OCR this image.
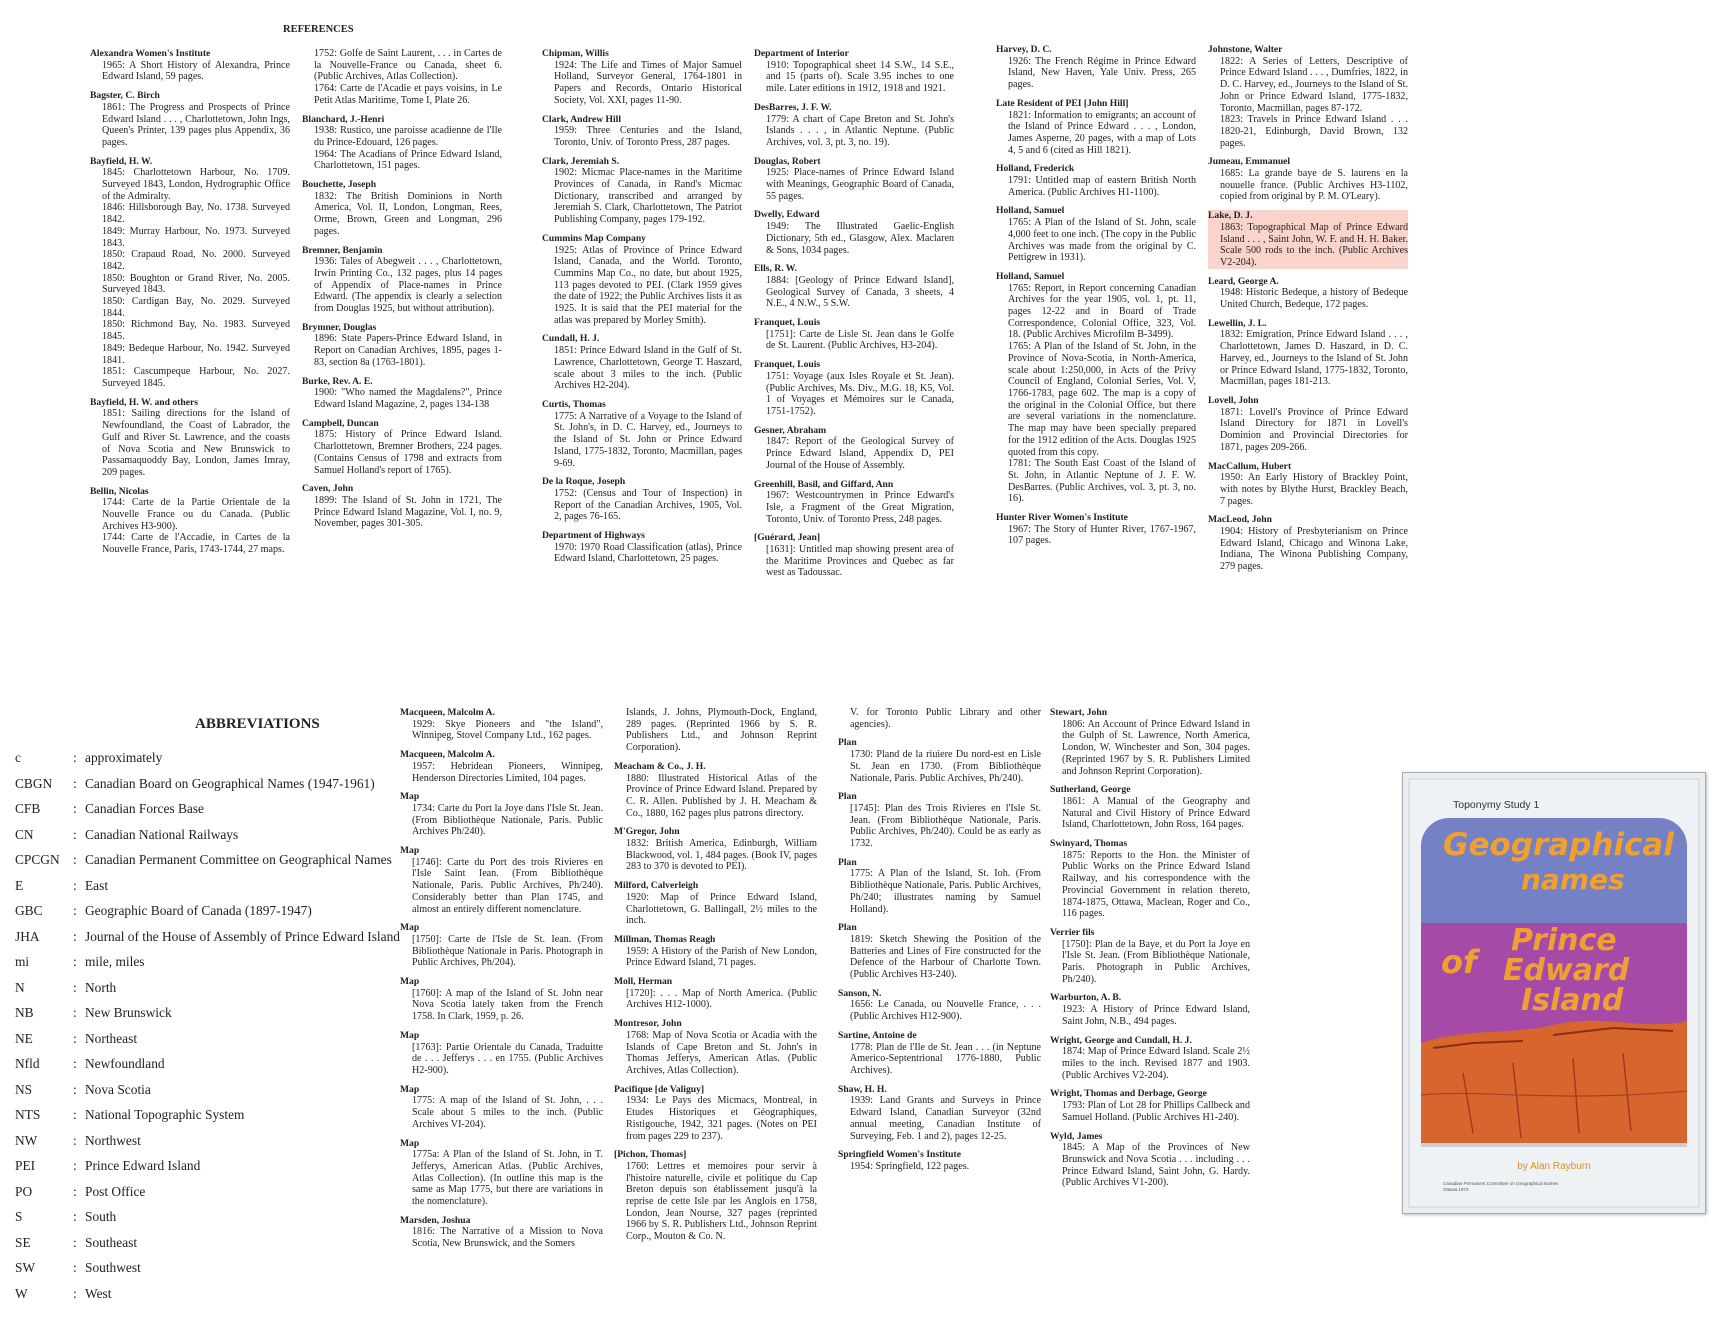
REFERENCES
Alexandra Women's Institute
1965: A Short History of Alexandra, Prince Edward Island, 59 pages.
Bagster, C. Birch
1861: The Progress and Prospects of Prince Edward Island . . . , Charlottetown, John Ings, Queen's Printer, 139 pages plus Appendix, 36 pages.
Bayfield, H. W.
1845: Charlottetown Harbour, No. 1709. Surveyed 1843, London, Hydrographic Office of the Admiralty.
1846: Hillsborough Bay, No. 1738. Surveyed 1842.
1849: Murray Harbour, No. 1973. Surveyed 1843.
1850: Crapaud Road, No. 2000. Surveyed 1842.
1850: Boughton or Grand River, No. 2005. Surveyed 1843.
1850: Cardigan Bay, No. 2029. Surveyed 1844.
1850: Richmond Bay, No. 1983. Surveyed 1845.
1849: Bedeque Harbour, No. 1942. Surveyed 1841.
1851: Cascumpeque Harbour, No. 2027. Surveyed 1845.
Bayfield, H. W. and others
1851: Sailing directions for the Island of Newfoundland, the Coast of Labrador, the Gulf and River St. Lawrence, and the coasts of Nova Scotia and New Brunswick to Passamaquoddy Bay, London, James Imray, 209 pages.
Bellin, Nicolas
1744: Carte de la Partie Orientale de la Nouvelle France ou du Canada. (Public Archives H3-900).
1744: Carte de l'Accadie, in Cartes de la Nouvelle France, Paris, 1743-1744, 27 maps.
1752: Golfe de Saint Laurent, . . . in Cartes de la Nouvelle-France ou Canada, sheet 6. (Public Archives, Atlas Collection).
1764: Carte de l'Acadie et pays voisins, in Le Petit Atlas Maritime, Tome I, Plate 26.
Blanchard, J.-Henri
1938: Rustico, une paroisse acadienne de l'Ile du Prince-Edouard, 126 pages.
1964: The Acadians of Prince Edward Island, Charlottetown, 151 pages.
Bouchette, Joseph
1832: The British Dominions in North America, Vol. II, London, Longman, Rees, Orme, Brown, Green and Longman, 296 pages.
Bremner, Benjamin
1936: Tales of Abegweit . . . , Charlottetown, Irwin Printing Co., 132 pages, plus 14 pages of Appendix of Place-names in Prince Edward. (The appendix is clearly a selection from Douglas 1925, but without attribution).
Brymner, Douglas
1896: State Papers-Prince Edward Island, in Report on Canadian Archives, 1895, pages 1-83, section 8a (1763-1801).
Burke, Rev. A. E.
1900: "Who named the Magdalens?", Prince Edward Island Magazine, 2, pages 134-138
Campbell, Duncan
1875: History of Prince Edward Island. Charlottetown, Bremner Brothers, 224 pages. (Contains Census of 1798 and extracts from Samuel Holland's report of 1765).
Caven, John
1899: The Island of St. John in 1721, The Prince Edward Island Magazine, Vol. I, no. 9, November, pages 301-305.
Chipman, Willis
1924: The Life and Times of Major Samuel Holland, Surveyor General, 1764-1801 in Papers and Records, Ontario Historical Society, Vol. XXI, pages 11-90.
Clark, Andrew Hill
1959: Three Centuries and the Island, Toronto, Univ. of Toronto Press, 287 pages.
Clark, Jeremiah S.
1902: Micmac Place-names in the Maritime Provinces of Canada, in Rand's Micmac Dictionary, transcribed and arranged by Jeremiah S. Clark, Charlottetown, The Patriot Publishing Company, pages 179-192.
Cummins Map Company
1925: Atlas of Province of Prince Edward Island, Canada, and the World. Toronto, Cummins Map Co., no date, but about 1925, 113 pages devoted to PEI. (Clark 1959 gives the date of 1922; the Public Archives lists it as 1925. It is said that the PEI material for the atlas was prepared by Morley Smith).
Cundall, H. J.
1851: Prince Edward Island in the Gulf of St. Lawrence, Charlottetown, George T. Haszard, scale about 3 miles to the inch. (Public Archives H2-204).
Curtis, Thomas
1775: A Narrative of a Voyage to the Island of St. John's, in D. C. Harvey, ed., Journeys to the Island of St. John or Prince Edward Island, 1775-1832, Toronto, Macmillan, pages 9-69.
De la Roque, Joseph
1752: (Census and Tour of Inspection) in Report of the Canadian Archives, 1905, Vol. 2, pages 76-165.
Department of Highways
1970: 1970 Road Classification (atlas), Prince Edward Island, Charlottetown, 25 pages.
Department of Interior
1910: Topographical sheet 14 S.W., 14 S.E., and 15 (parts of). Scale 3.95 inches to one mile. Later editions in 1912, 1918 and 1921.
DesBarres, J. F. W.
1779: A chart of Cape Breton and St. John's Islands . . . , in Atlantic Neptune. (Public Archives, vol. 3, pt. 3, no. 19).
Douglas, Robert
1925: Place-names of Prince Edward Island with Meanings, Geographic Board of Canada, 55 pages.
Dwelly, Edward
1949: The Illustrated Gaelic-English Dictionary, 5th ed., Glasgow, Alex. Maclaren & Sons, 1034 pages.
Ells, R. W.
1884: [Geology of Prince Edward Island], Geological Survey of Canada, 3 sheets, 4 N.E., 4 N.W., 5 S.W.
Franquet, Louis
[1751]: Carte de Lisle St. Jean dans le Golfe de St. Laurent. (Public Archives, H3-204).
Franquet, Louis
1751: Voyage (aux Isles Royale et St. Jean). (Public Archives, Ms. Div., M.G. 18, K5, Vol. 1 of Voyages et Mémoires sur le Canada, 1751-1752).
Gesner, Abraham
1847: Report of the Geological Survey of Prince Edward Island, Appendix D, PEI Journal of the House of Assembly.
Greenhill, Basil, and Giffard, Ann
1967: Westcountrymen in Prince Edward's Isle, a Fragment of the Great Migration, Toronto, Univ. of Toronto Press, 248 pages.
[Guérard, Jean]
[1631]: Untitled map showing present area of the Maritime Provinces and Quebec as far west as Tadoussac.
Harvey, D. C.
1926: The French Régime in Prince Edward Island, New Haven, Yale Univ. Press, 265 pages.
Late Resident of PEI [John Hill]
1821: Information to emigrants; an account of the Island of Prince Edward . . . , London, James Asperne, 20 pages, with a map of Lots 4, 5 and 6 (cited as Hill 1821).
Holland, Frederick
1791: Untitled map of eastern British North America. (Public Archives H1-1100).
Holland, Samuel
1765: A Plan of the Island of St. John, scale 4,000 feet to one inch. (The copy in the Public Archives was made from the original by C. Pettigrew in 1931).
Holland, Samuel
1765: Report, in Report concerning Canadian Archives for the year 1905, vol. 1, pt. 11, pages 12-22 and in Board of Trade Correspondence, Colonial Office, 323, Vol. 18. (Public Archives Microfilm B-3499).
1765: A Plan of the Island of St. John, in the Province of Nova-Scotia, in North-America, scale about 1:250,000, in Acts of the Privy Council of England, Colonial Series, Vol. V, 1766-1783, page 602. The map is a copy of the original in the Colonial Office, but there are several variations in the nomenclature. The map may have been specially prepared for the 1912 edition of the Acts. Douglas 1925 quoted from this copy.
1781: The South East Coast of the Island of St. John, in Atlantic Neptune of J. F. W. DesBarres. (Public Archives, vol. 3, pt. 3, no. 16).
Hunter River Women's Institute
1967: The Story of Hunter River, 1767-1967, 107 pages.
Johnstone, Walter
1822: A Series of Letters, Descriptive of Prince Edward Island . . . , Dumfries, 1822, in D. C. Harvey, ed., Journeys to the Island of St. John or Prince Edward Island, 1775-1832, Toronto, Macmillan, pages 87-172.
1823: Travels in Prince Edward Island . . . 1820-21, Edinburgh, David Brown, 132 pages.
Jumeau, Emmanuel
1685: La grande baye de S. laurens en la nouuelle france. (Public Archives H3-1102, copied from original by P. M. O'Leary).
Lake, D. J.
1863: Topographical Map of Prince Edward Island . . . , Saint John, W. F. and H. H. Baker. Scale 500 rods to the inch. (Public Archives V2-204).
Leard, George A.
1948: Historic Bedeque, a history of Bedeque United Church, Bedeque, 172 pages.
Lewellin, J. L.
1832: Emigration, Prince Edward Island . . . , Charlottetown, James D. Haszard, in D. C. Harvey, ed., Journeys to the Island of St. John or Prince Edward Island, 1775-1832, Toronto, Macmillan, pages 181-213.
Lovell, John
1871: Lovell's Province of Prince Edward Island Directory for 1871 in Lovell's Dominion and Provincial Directories for 1871, pages 209-266.
MacCallum, Hubert
1950: An Early History of Brackley Point, with notes by Blythe Hurst, Brackley Beach, 7 pages.
MacLeod, John
1904: History of Presbyterianism on Prince Edward Island, Chicago and Winona Lake, Indiana, The Winona Publishing Company, 279 pages.
Macqueen, Malcolm A.
1929: Skye Pioneers and "the Island", Winnipeg, Stovel Company Ltd., 162 pages.
Macqueen, Malcolm A.
1957: Hebridean Pioneers, Winnipeg, Henderson Directories Limited, 104 pages.
Map
1734: Carte du Port la Joye dans l'Isle St. Jean. (From Bibliothèque Nationale, Paris. Public Archives Ph/240).
Map
[1746]: Carte du Port des trois Rivieres en l'Isle Saint Iean. (From Bibliothèque Nationale, Paris. Public Archives, Ph/240). Considerably better than Plan 1745, and almost an entirely different nomenclature.
Map
[1750]: Carte de l'Isle de St. Iean. (From Bibliothèque Nationale in Paris. Photograph in Public Archives, Ph/204).
Map
[1760]: A map of the Island of St. John near Nova Scotia lately taken from the French 1758. In Clark, 1959, p. 26.
Map
[1763]: Partie Orientale du Canada, Traduitte de . . . Jefferys . . . en 1755. (Public Archives H2-900).
Map
1775: A map of the Island of St. John, . . . Scale about 5 miles to the inch. (Public Archives VI-204).
Map
1775a: A Plan of the Island of St. John, in T. Jefferys, American Atlas. (Public Archives, Atlas Collection). (In outline this map is the same as Map 1775, but there are variations in the nomenclature).
Marsden, Joshua
1816: The Narrative of a Mission to Nova Scotia, New Brunswick, and the Somers
Islands, J. Johns, Plymouth-Dock, England, 289 pages. (Reprinted 1966 by S. R. Publishers Ltd., and Johnson Reprint Corporation).
Meacham & Co., J. H.
1880: Illustrated Historical Atlas of the Province of Prince Edward Island. Prepared by C. R. Allen. Published by J. H. Meacham & Co., 1880, 162 pages plus patrons directory.
M'Gregor, John
1832: British America, Edinburgh, William Blackwood, vol. 1, 484 pages. (Book IV, pages 283 to 370 is devoted to PEI).
Milford, Calverleigh
1920: Map of Prince Edward Island, Charlottetown, G. Ballingall, 2½ miles to the inch.
Millman, Thomas Reagh
1959: A History of the Parish of New London, Prince Edward Island, 71 pages.
Moll, Herman
[1720]: . . . Map of North America. (Public Archives H12-1000).
Montresor, John
1768: Map of Nova Scotia or Acadia with the Islands of Cape Breton and St. John's in Thomas Jefferys, American Atlas. (Public Archives, Atlas Collection).
Pacifique [de Valiguy]
1934: Le Pays des Micmacs, Montreal, in Etudes Historiques et Géographiques, Ristigouche, 1942, 321 pages. (Notes on PEI from pages 229 to 237).
[Pichon, Thomas]
1760: Lettres et memoires pour servir à l'histoire naturelle, civile et politique du Cap Breton depuis son établissement jusqu'à la reprise de cette Isle par les Anglois en 1758, London, Jean Nourse, 327 pages (reprinted 1966 by S. R. Publishers Ltd., Johnson Reprint Corp., Mouton & Co. N.
V. for Toronto Public Library and other agencies).
Plan
1730: Pland de la riuiere Du nord-est en Lisle St. Jean en 1730. (From Bibliothèque Nationale, Paris. Public Archives, Ph/240).
Plan
[1745]: Plan des Trois Rivieres en l'Isle St. Jean. (From Bibliothèque Nationale, Paris. Public Archives, Ph/240). Could be as early as 1732.
Plan
1775: A Plan of the Island, St. Ioh. (From Bibliothèque Nationale, Paris. Public Archives, Ph/240; illustrates naming by Samuel Holland).
Plan
1819: Sketch Shewing the Position of the Batteries and Lines of Fire constructed for the Defence of the Harbour of Charlotte Town. (Public Archives H3-240).
Sanson, N.
1656: Le Canada, ou Nouvelle France, . . . (Public Archives H12-900).
Sartine, Antoine de
1778: Plan de l'Ile de St. Jean . . . (in Neptune Americo-Septentrional 1776-1880, Public Archives).
Shaw, H. H.
1939: Land Grants and Surveys in Prince Edward Island, Canadian Surveyor (32nd annual meeting, Canadian Institute of Surveying, Feb. 1 and 2), pages 12-25.
Springfield Women's Institute
1954: Springfield, 122 pages.
Stewart, John
1806: An Account of Prince Edward Island in the Gulph of St. Lawrence, North America, London, W. Winchester and Son, 304 pages. (Reprinted 1967 by S. R. Publishers Limited and Johnson Reprint Corporation).
Sutherland, George
1861: A Manual of the Geography and Natural and Civil History of Prince Edward Island, Charlottetown, John Ross, 164 pages.
Swinyard, Thomas
1875: Reports to the Hon. the Minister of Public Works on the Prince Edward Island Railway, and his correspondence with the Provincial Government in relation thereto, 1874-1875, Ottawa, Maclean, Roger and Co., 116 pages.
Verrier fils
[1750]: Plan de la Baye, et du Port la Joye en l'Isle St. Jean. (From Bibliothèque Nationale, Paris. Photograph in Public Archives, Ph/240).
Warburton, A. B.
1923: A History of Prince Edward Island, Saint John, N.B., 494 pages.
Wright, George and Cundall, H. J.
1874: Map of Prince Edward Island. Scale 2½ miles to the inch. Revised 1877 and 1903. (Public Archives V2-204).
Wright, Thomas and Derbage, George
1793: Plan of Lot 28 for Phillips Callbeck and Samuel Holland. (Public Archives H1-240).
Wyld, James
1845: A Map of the Provinces of New Brunswick and Nova Scotia . . . including . . . Prince Edward Island, Saint John, G. Hardy. (Public Archives V1-200).
ABBREVIATIONS
c	: approximately
CBGN	: Canadian Board on Geographical Names (1947-1961)
CFB	: Canadian Forces Base
CN	: Canadian National Railways
CPCGN : Canadian Permanent Committee on Geographical Names
E	: East
GBC	: Geographic Board of Canada (1897-1947)
JHA	: Journal of the House of Assembly of Prince Edward Island
mi	: mile, miles
N	: North
NB	: New Brunswick
NE	: Northeast
Nfld	: Newfoundland
NS	: Nova Scotia
NTS	: National Topographic System
NW	: Northwest
PEI	: Prince Edward Island
PO	: Post Office
S	: South
SE	: Southeast
SW	: Southwest
W	: West
Toponymy Study 1
Geographical
names
of
Prince
Edward
Island
by Alan Rayburn
Canadian Permanent Committee on Geographical Names
Ottawa 1973
